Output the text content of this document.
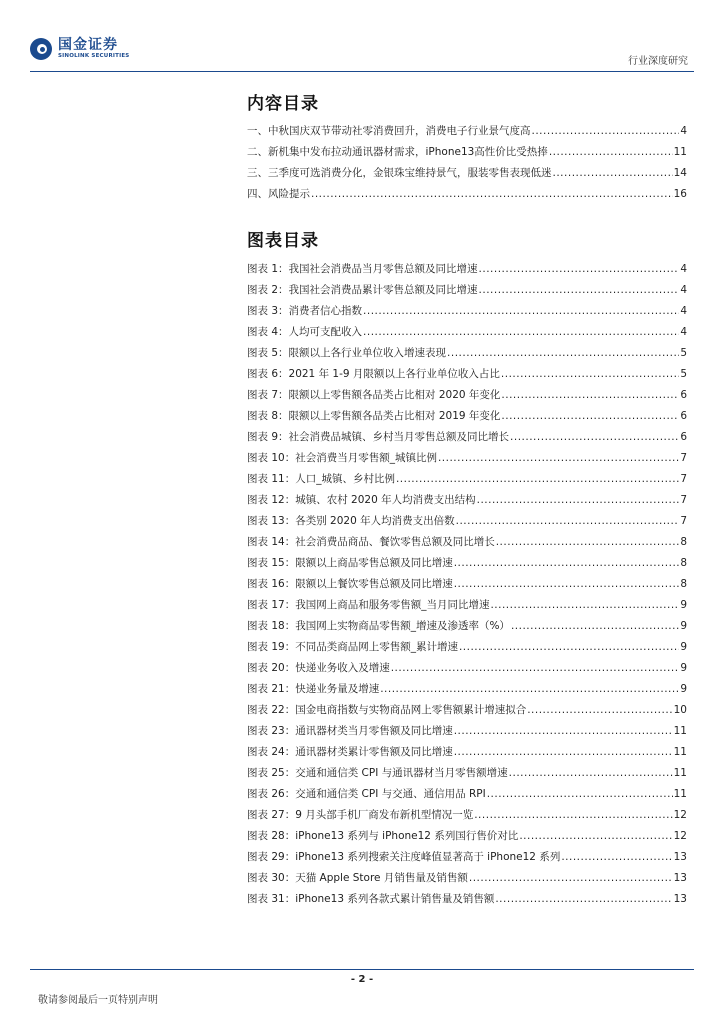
国金证券
SINOLINK SECURITIES	行业深度研究
内容目录
一、中秋国庆双节带动社零消费回升，消费电子行业景气度高 .....	4
二、新机集中发布拉动通讯器材需求，iPhone13高性价比受热捧 .....	11
三、三季度可选消费分化，金银珠宝维持景气，服装零售表现低迷 .....	14
四、风险提示 .....	16
图表目录
图表 1：我国社会消费品当月零售总额及同比增速 .....	4
图表 2：我国社会消费品累计零售总额及同比增速 .....	4
图表 3：消费者信心指数 .....	4
图表 4：人均可支配收入 .....	4
图表 5：限额以上各行业单位收入增速表现 .....	5
图表 6：2021 年 1-9 月限额以上各行业单位收入占比 .....	5
图表 7：限额以上零售额各品类占比相对 2020 年变化 .....	6
图表 8：限额以上零售额各品类占比相对 2019 年变化 .....	6
图表 9：社会消费品城镇、乡村当月零售总额及同比增长 .....	6
图表 10：社会消费当月零售额_城镇比例 .....	7
图表 11：人口_城镇、乡村比例 .....	7
图表 12：城镇、农村 2020 年人均消费支出结构 .....	7
图表 13：各类别 2020 年人均消费支出倍数 .....	7
图表 14：社会消费品商品、餐饮零售总额及同比增长 .....	8
图表 15：限额以上商品零售总额及同比增速 .....	8
图表 16：限额以上餐饮零售总额及同比增速 .....	8
图表 17：我国网上商品和服务零售额_当月同比增速 .....	9
图表 18：我国网上实物商品零售额_增速及渗透率（%） .....	9
图表 19：不同品类商品网上零售额_累计增速 .....	9
图表 20：快递业务收入及增速 .....	9
图表 21：快递业务量及增速 .....	9
图表 22：国金电商指数与实物商品网上零售额累计增速拟合 .....	10
图表 23：通讯器材类当月零售额及同比增速 .....	11
图表 24：通讯器材类累计零售额及同比增速 .....	11
图表 25：交通和通信类 CPI 与通讯器材当月零售额增速 .....	11
图表 26：交通和通信类 CPI 与交通、通信用品 RPI .....	11
图表 27：9 月头部手机厂商发布新机型情况一览 .....	12
图表 28：iPhone13 系列与 iPhone12 系列国行售价对比 .....	12
图表 29：iPhone13 系列搜索关注度峰值显著高于 iPhone12 系列 .....	13
图表 30：天猫 Apple Store 月销售量及销售额 .....	13
图表 31：iPhone13 系列各款式累计销售量及销售额 .....	13
- 2 -
敬请参阅最后一页特别声明
